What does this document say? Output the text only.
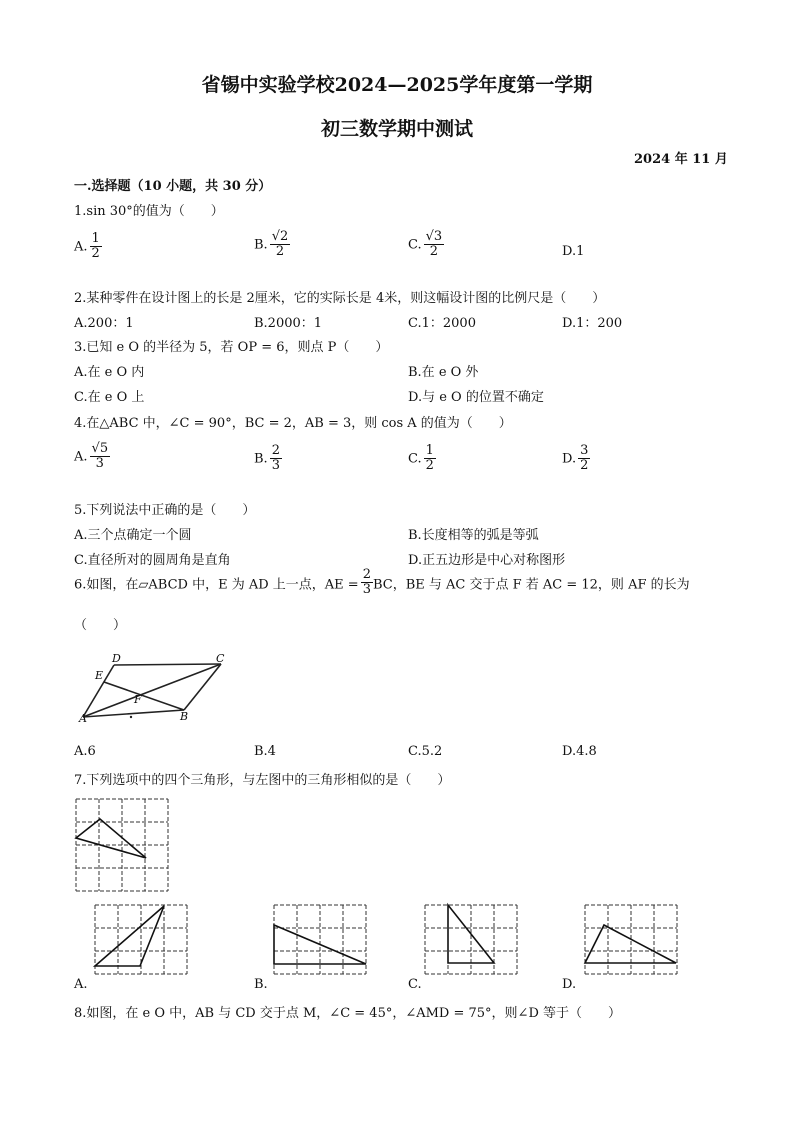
省锡中实验学校2024—2025学年度第一学期
初三数学期中测试
2024 年 11 月
一.选择题（10 小题，共 30 分）
1.sin 30°的值为（　　）
A. $\frac{1}{2}$	B. $\frac{√2}{2}$	C. $\frac{√3}{2}$	D.1
2.某种零件在设计图上的长是 2厘米，它的实际长是 4米，则这幅设计图的比例尺是（　　）
A.200：1	B.2000：1	C.1：2000	D.1：200
3.已知 e O 的半径为 5，若 OP = 6，则点 P（　　）
A.在 e O 内	B.在 e O 外
C.在 e O 上	D.与 e O 的位置不确定
4.在△ABC 中，∠C = 90°，BC = 2，AB = 3，则 cos A 的值为（　　）
A. $\frac{√5}{3}$	B. $\frac{2}{3}$	C. $\frac{1}{2}$	D. $\frac{3}{2}$
5.下列说法中正确的是（　　）
A.三个点确定一个圆	B.长度相等的弧是等弧
C.直径所对的圆周角是直角	D.正五边形是中心对称图形
6.如图，在▱ABCD 中，E 为 AD 上一点，AE = $\frac{2}{3}$ BC，BE 与 AC 交于点 F 若 AC = 12，则 AF 的长为
（　　）
D	C
E
F
A	B
A.6	B.4	C.5.2	D.4.8
7.下列选项中的四个三角形，与左图中的三角形相似的是（　　）
A.	B.	C.	D.
8.如图，在 e O 中，AB 与 CD 交于点 M，∠C = 45°，∠AMD = 75°，则∠D 等于（　　）
